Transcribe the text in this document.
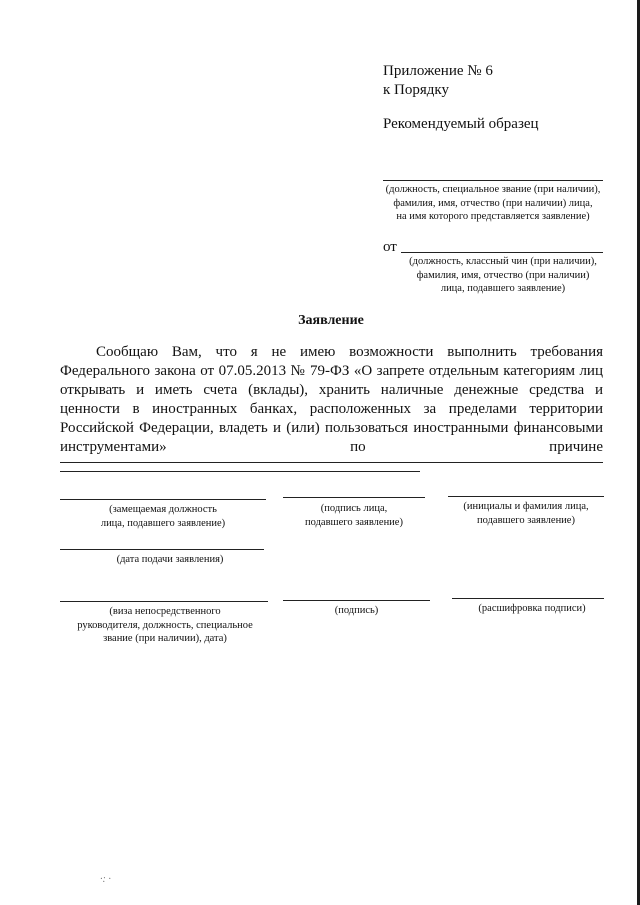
Приложение № 6
к Порядку
Рекомендуемый образец
(должность, специальное звание (при наличии),
фамилия, имя, отчество (при наличии) лица,
на имя которого представляется заявление)
от
(должность, классный чин (при наличии),
фамилия, имя, отчество (при наличии)
лица, подавшего заявление)
Заявление
Сообщаю Вам, что я не имею возможности выполнить требования Федерального закона от 07.05.2013 № 79-ФЗ «О запрете отдельным категориям лиц открывать и иметь счета (вклады), хранить наличные денежные средства и ценности в иностранных банках, расположенных за пределами территории Российской Федерации, владеть и (или) пользоваться иностранными финансовыми инструментами» по причине
(замещаемая должность
лица, подавшего заявление)
(подпись лица,
подавшего заявление)
(инициалы и фамилия лица,
подавшего заявление)
(дата подачи заявления)
(виза непосредственного
руководителя, должность, специальное
звание (при наличии), дата)
(подпись)	(расшифровка подписи)
·: ·
